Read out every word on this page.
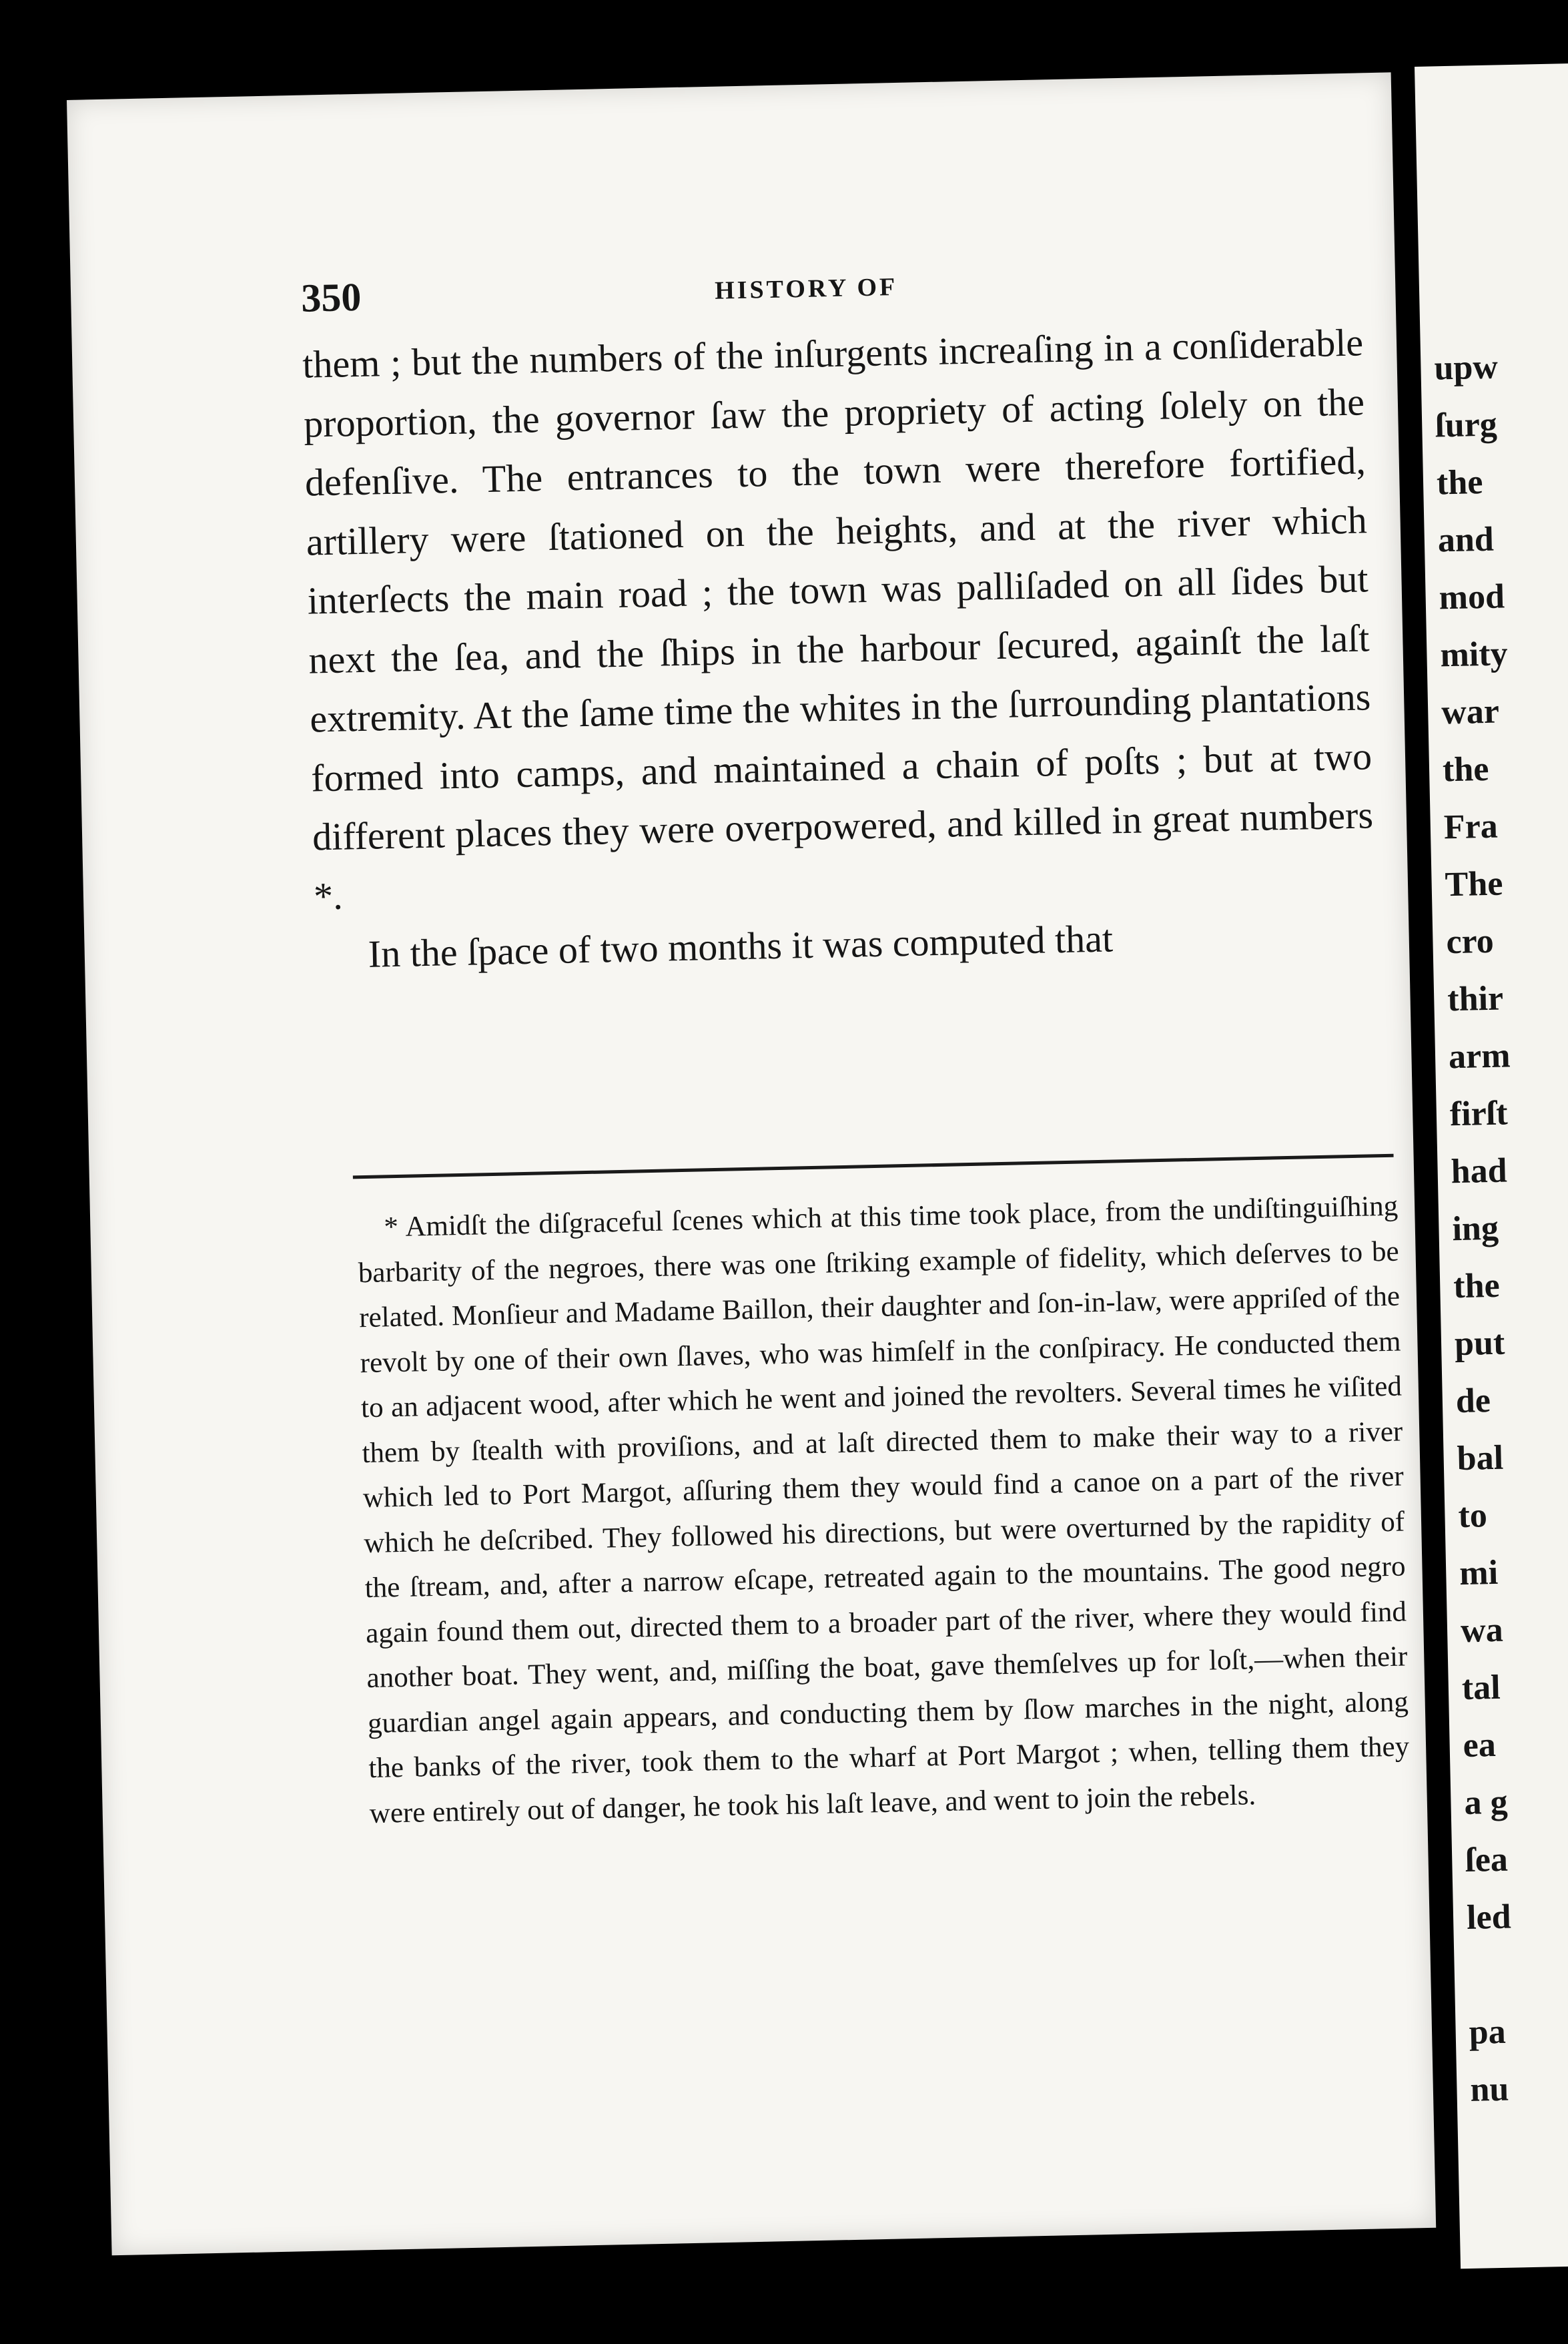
upw
ſurg
the
and
mod
mity
war
the
Fra
The
cro
thir
arm
firſt
had
ing
the
put
de
bal
to
mi
wa
tal
ea
a g
ſea
led

pa
nu
350	HISTORY OF

them ; but the numbers of the inſurgents increaſing in a conſiderable proportion, the governor ſaw the propriety of acting ſolely on the defenſive. The entrances to the town were therefore fortified, artillery were ſtationed on the heights, and at the river which interſects the main road ; the town was palliſaded on all ſides but next the ſea, and the ſhips in the harbour ſecured, againſt the laſt extremity. At the ſame time the whites in the ſurrounding plantations formed into camps, and maintained a chain of poſts ; but at two different places they were overpowered, and killed in great numbers *.

In the ſpace of two months it was computed that

* Amidſt the diſgraceful ſcenes which at this time took place, from the undiſtinguiſhing barbarity of the negroes, there was one ſtriking example of fidelity, which deſerves to be related. Monſieur and Madame Baillon, their daughter and ſon-in-law, were appriſed of the revolt by one of their own ſlaves, who was himſelf in the conſpiracy. He conducted them to an adjacent wood, after which he went and joined the revolters. Several times he viſited them by ſtealth with proviſions, and at laſt directed them to make their way to a river which led to Port Margot, aſſuring them they would find a canoe on a part of the river which he deſcribed. They followed his directions, but were overturned by the rapidity of the ſtream, and, after a narrow eſcape, retreated again to the mountains. The good negro again found them out, directed them to a broader part of the river, where they would find another boat. They went, and, miſſing the boat, gave themſelves up for loſt,—when their guardian angel again appears, and conducting them by ſlow marches in the night, along the banks of the river, took them to the wharf at Port Margot ; when, telling them they were entirely out of danger, he took his laſt leave, and went to join the rebels.
